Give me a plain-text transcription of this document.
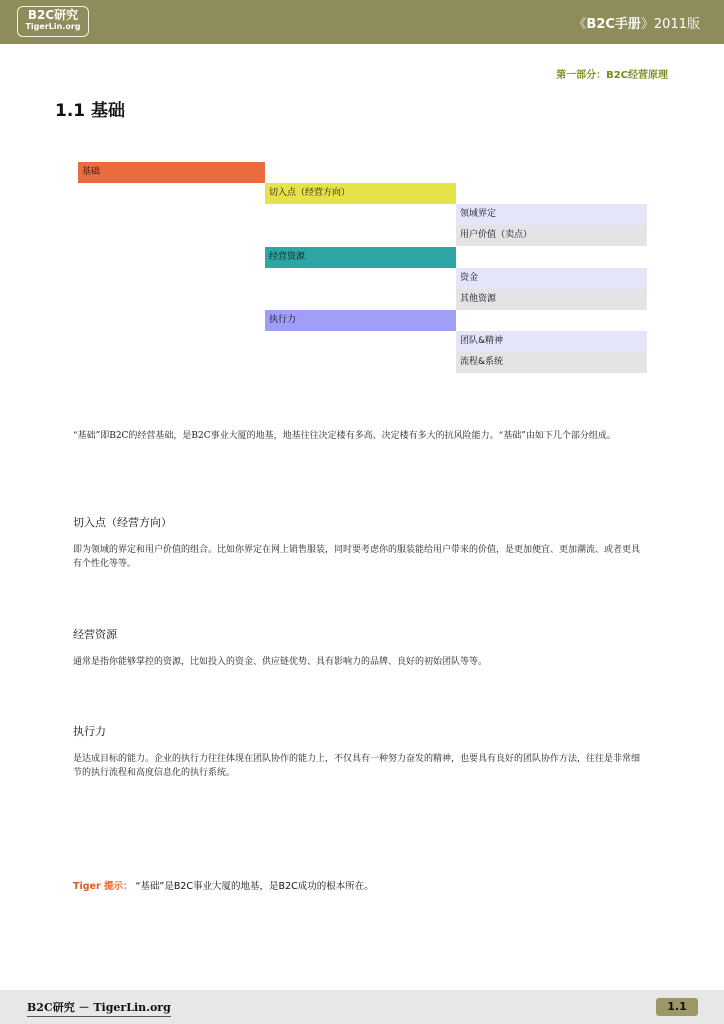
B2C研究
TigerLin.org	《B2C手册》2011版
第一部分：B2C经营原理
1.1 基础
基础
切入点（经营方向）
领域界定
用户价值（卖点）
经营资源
资金
其他资源
执行力
团队&精神
流程&系统
“基础”即B2C的经营基础，是B2C事业大厦的地基，地基往往决定楼有多高、决定楼有多大的抗风险能力。“基础”由如下几个部分组成。
切入点（经营方向）
即为领域的界定和用户价值的组合。比如你界定在网上销售服装，同时要考虑你的服装能给用户带来的价值，是更加便宜、更加潮流、或者更具有个性化等等。
经营资源
通常是指你能够掌控的资源，比如投入的资金、供应链优势、具有影响力的品牌、良好的初始团队等等。
执行力
是达成目标的能力。企业的执行力往往体现在团队协作的能力上，不仅具有一种努力奋发的精神，也要具有良好的团队协作方法，往往是非常细节的执行流程和高度信息化的执行系统。
Tiger 提示： “基础”是B2C事业大厦的地基，是B2C成功的根本所在。
B2C研究 － TigerLin.org	1.1
